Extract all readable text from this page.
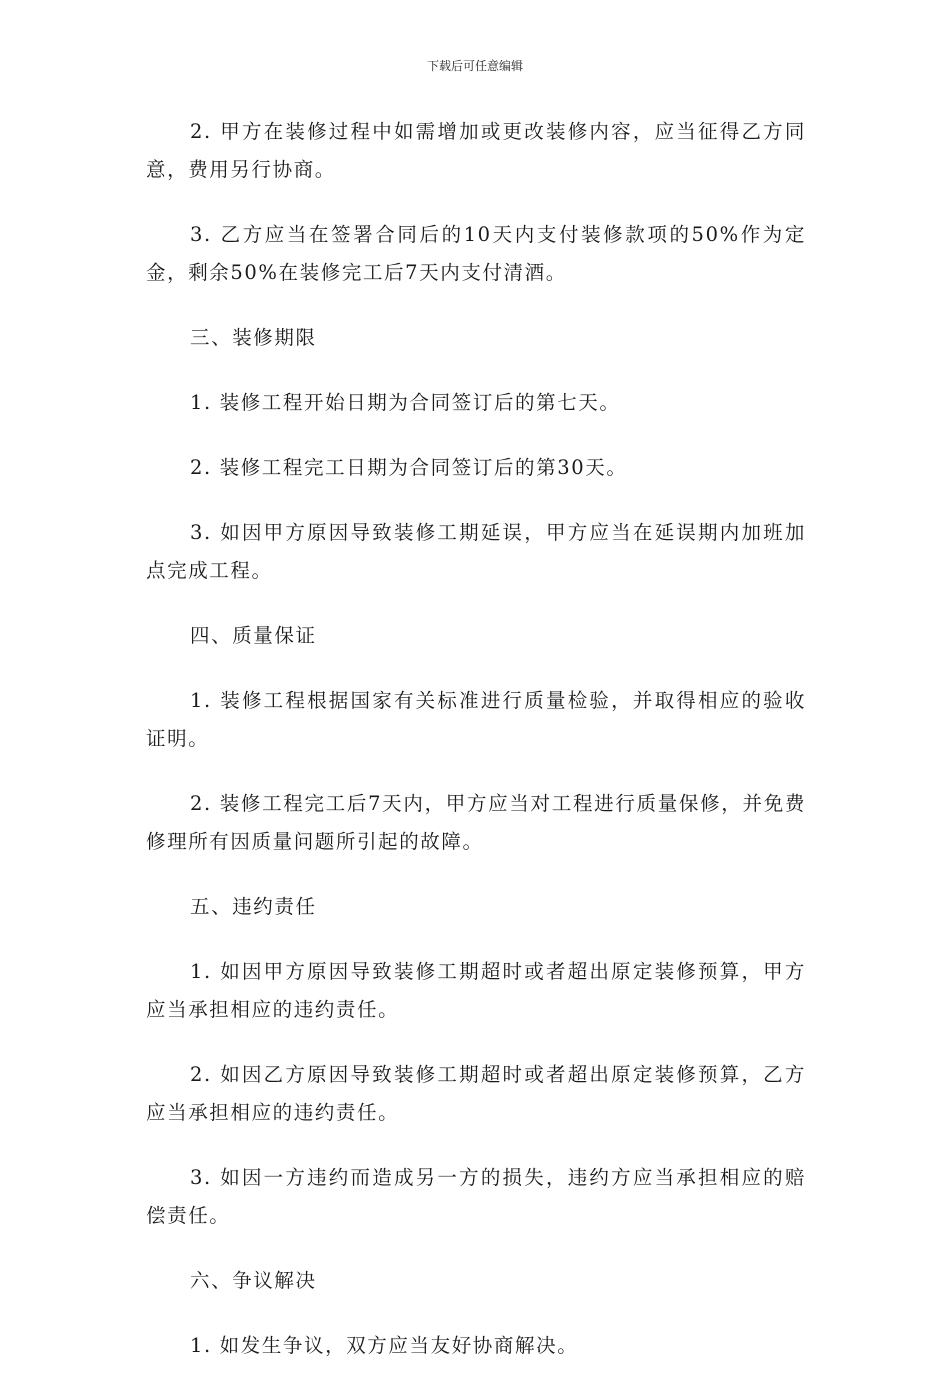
下载后可任意编辑

2. 甲方在装修过程中如需增加或更改装修内容，应当征得乙方同意，费用另行协商。

3. 乙方应当在签署合同后的10天内支付装修款项的50%作为定金，剩余50%在装修完工后7天内支付清酒。

三、装修期限

1. 装修工程开始日期为合同签订后的第七天。

2. 装修工程完工日期为合同签订后的第30天。

3. 如因甲方原因导致装修工期延误，甲方应当在延误期内加班加点完成工程。

四、质量保证

1. 装修工程根据国家有关标准进行质量检验，并取得相应的验收证明。

2. 装修工程完工后7天内，甲方应当对工程进行质量保修，并免费修理所有因质量问题所引起的故障。

五、违约责任

1. 如因甲方原因导致装修工期超时或者超出原定装修预算，甲方应当承担相应的违约责任。

2. 如因乙方原因导致装修工期超时或者超出原定装修预算，乙方应当承担相应的违约责任。

3. 如因一方违约而造成另一方的损失，违约方应当承担相应的赔偿责任。

六、争议解决

1. 如发生争议，双方应当友好协商解决。
